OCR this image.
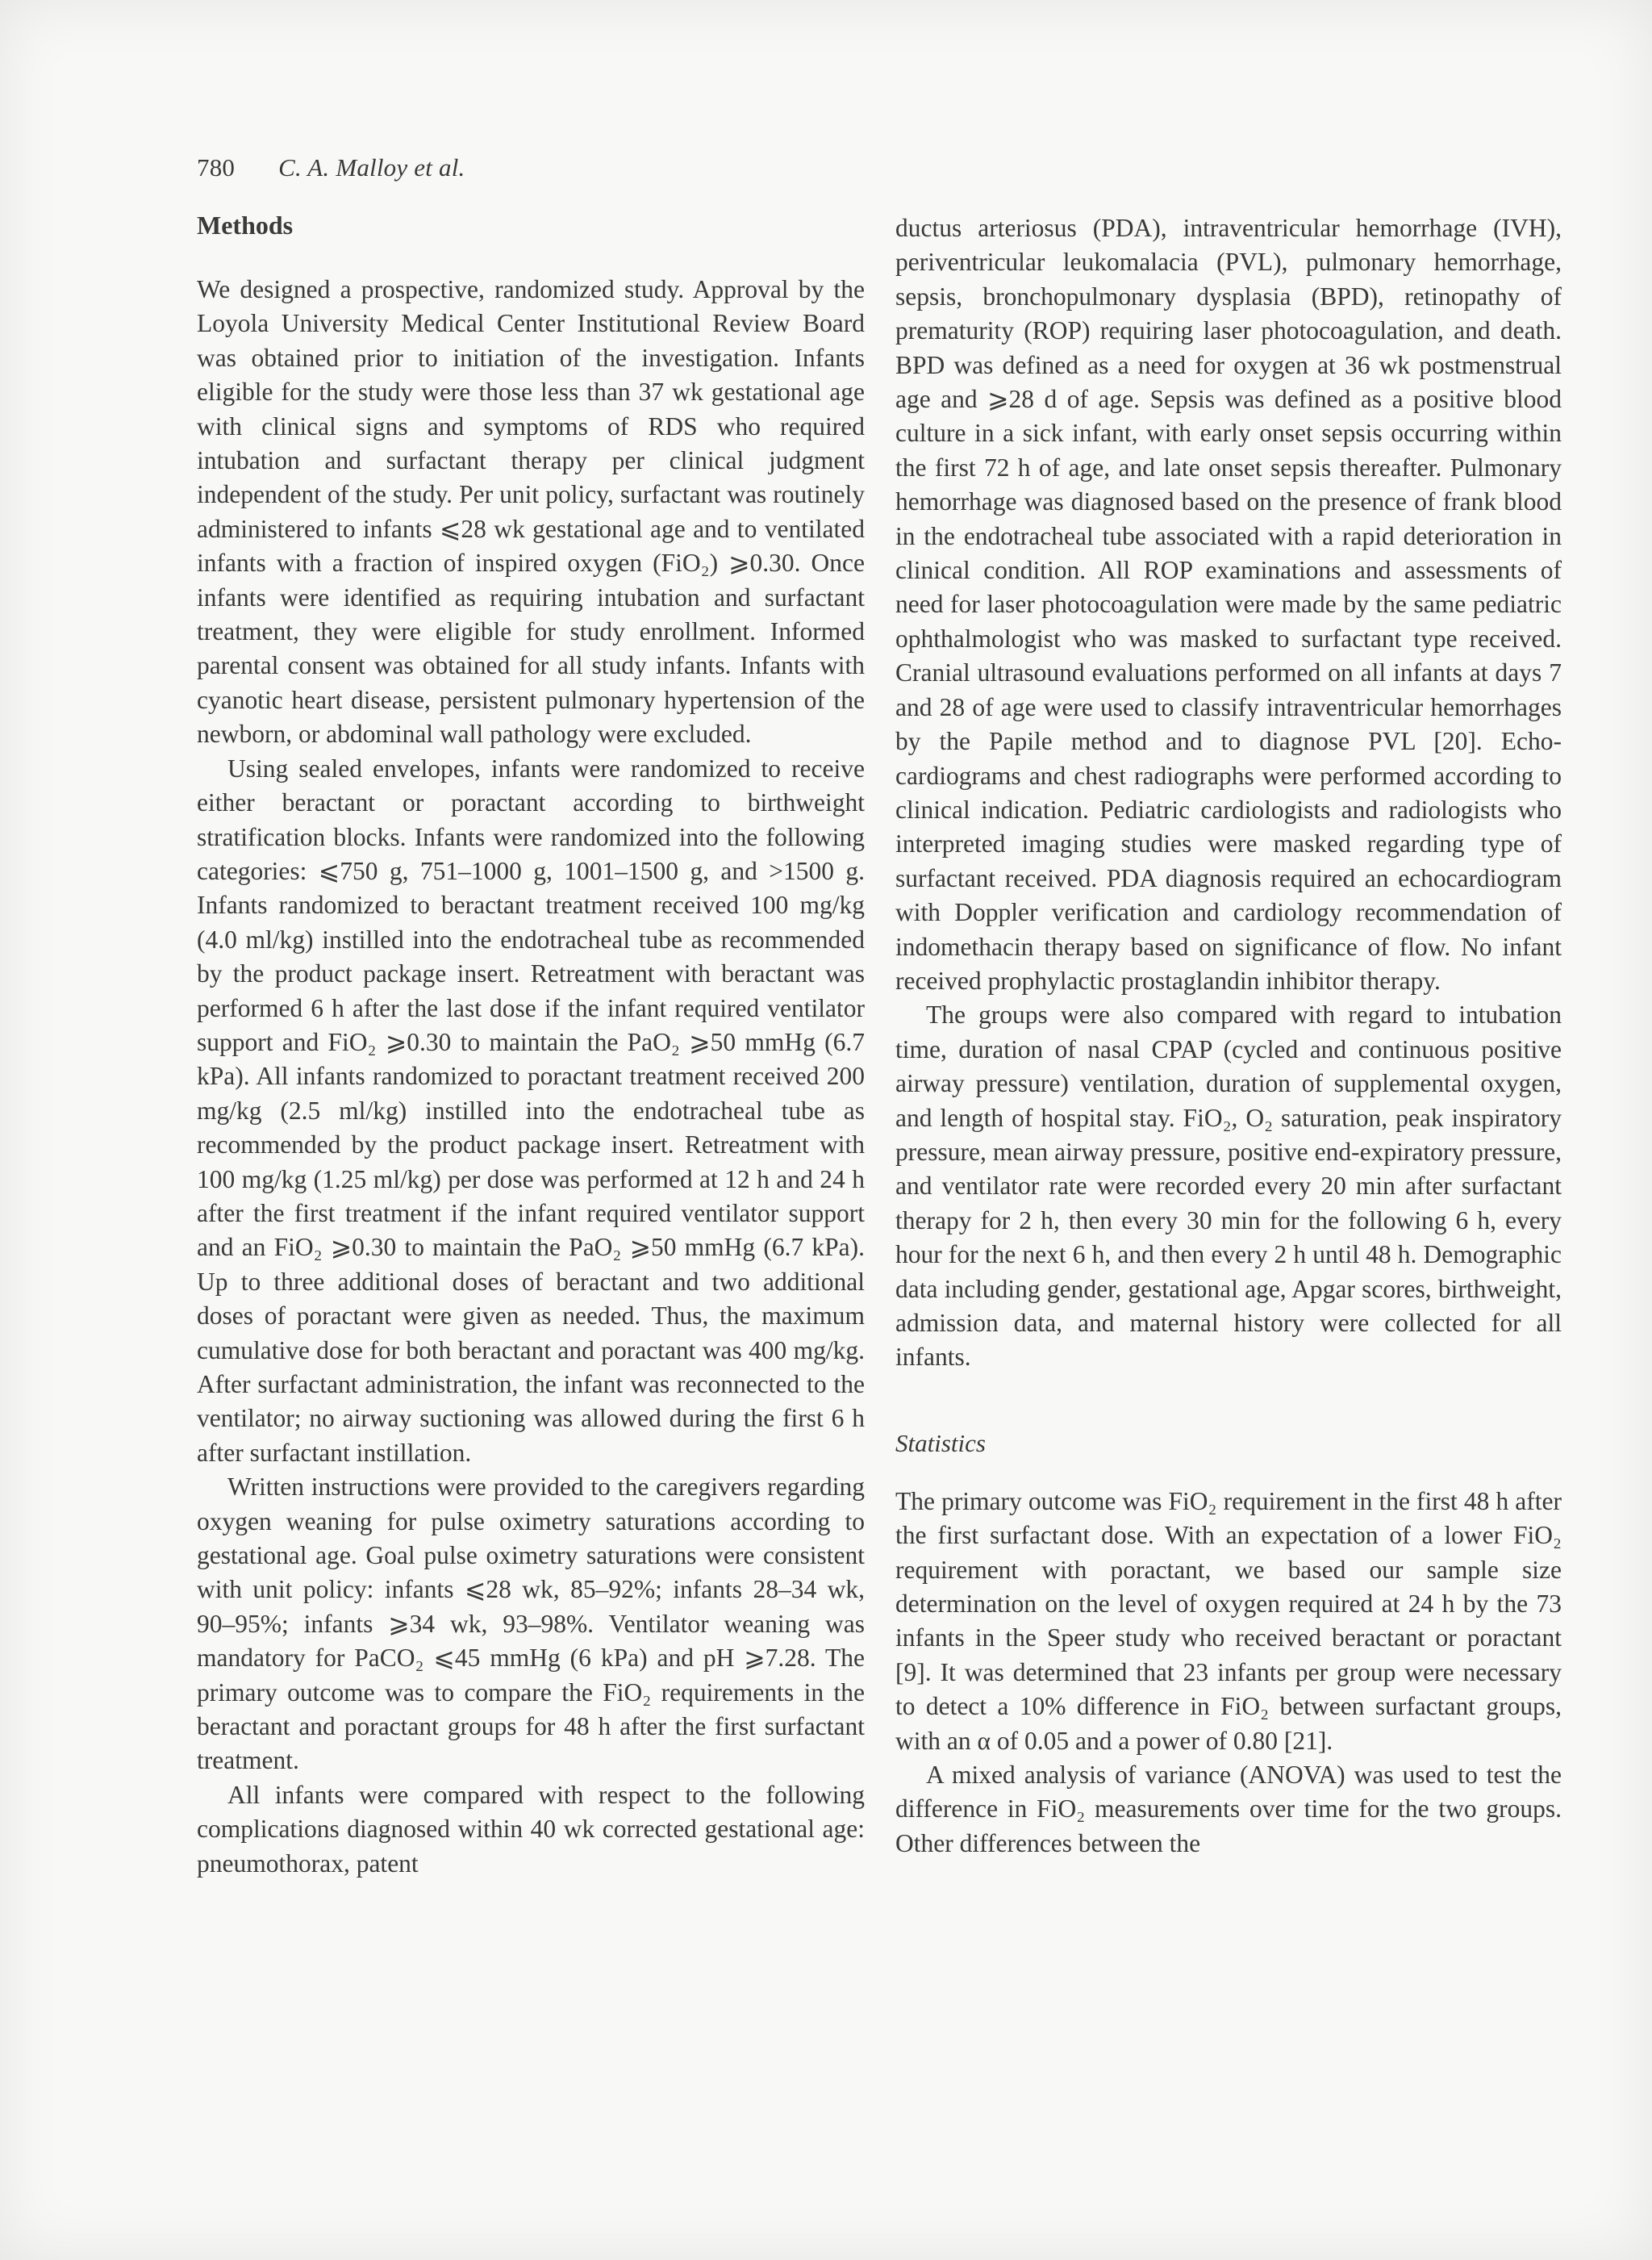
780 C. A. Malloy et al.
Methods

We designed a prospective, randomized study. Approval by the Loyola University Medical Center Institutional Review Board was obtained prior to initiation of the investigation. Infants eligible for the study were those less than 37 wk gestational age with clinical signs and symptoms of RDS who required intubation and surfactant therapy per clinical judgment independent of the study. Per unit policy, surfactant was routinely administered to infants ⩽28 wk gestational age and to ventilated infants with a fraction of inspired oxygen (FiO₂) ⩾0.30. Once infants were identified as requiring intubation and surfactant treatment, they were eligible for study enrollment. Informed parental consent was obtained for all study infants. Infants with cyanotic heart disease, persistent pulmonary hypertension of the newborn, or abdominal wall pathology were excluded.

Using sealed envelopes, infants were randomized to receive either beractant or poractant according to birthweight stratification blocks. Infants were randomized into the following categories: ⩽750 g, 751–1000 g, 1001–1500 g, and >1500 g. Infants randomized to beractant treatment received 100 mg/kg (4.0 ml/kg) instilled into the endotracheal tube as recommended by the product package insert. Retreatment with beractant was performed 6 h after the last dose if the infant required ventilator support and FiO₂ ⩾0.30 to maintain the PaO₂ ⩾50 mmHg (6.7 kPa). All infants randomized to poractant treatment received 200 mg/kg (2.5 ml/kg) instilled into the endotracheal tube as recommended by the product package insert. Retreatment with 100 mg/kg (1.25 ml/kg) per dose was performed at 12 h and 24 h after the first treatment if the infant required ventilator support and an FiO₂ ⩾0.30 to maintain the PaO₂ ⩾50 mmHg (6.7 kPa). Up to three additional doses of beractant and two additional doses of poractant were given as needed. Thus, the maximum cumulative dose for both beractant and poractant was 400 mg/kg. After surfactant administration, the infant was reconnected to the ventilator; no airway suctioning was allowed during the first 6 h after surfactant instillation.

Written instructions were provided to the caregivers regarding oxygen weaning for pulse oximetry saturations according to gestational age. Goal pulse oximetry saturations were consistent with unit policy: infants ⩽28 wk, 85–92%; infants 28–34 wk, 90–95%; infants ⩾34 wk, 93–98%. Ventilator weaning was mandatory for PaCO₂ ⩽45 mmHg (6 kPa) and pH ⩾7.28. The primary outcome was to compare the FiO₂ requirements in the beractant and poractant groups for 48 h after the first surfactant treatment.

All infants were compared with respect to the following complications diagnosed within 40 wk corrected gestational age: pneumothorax, patent

ductus arteriosus (PDA), intraventricular hemorrhage (IVH), periventricular leukomalacia (PVL), pulmonary hemorrhage, sepsis, bronchopulmonary dysplasia (BPD), retinopathy of prematurity (ROP) requiring laser photocoagulation, and death. BPD was defined as a need for oxygen at 36 wk postmenstrual age and ⩾28 d of age. Sepsis was defined as a positive blood culture in a sick infant, with early onset sepsis occurring within the first 72 h of age, and late onset sepsis thereafter. Pulmonary hemorrhage was diagnosed based on the presence of frank blood in the endotracheal tube associated with a rapid deterioration in clinical condition. All ROP examinations and assessments of need for laser photocoagulation were made by the same pediatric ophthalmologist who was masked to surfactant type received. Cranial ultrasound evaluations performed on all infants at days 7 and 28 of age were used to classify intraventricular hemorrhages by the Papile method and to diagnose PVL [20]. Echocardiograms and chest radiographs were performed according to clinical indication. Pediatric cardiologists and radiologists who interpreted imaging studies were masked regarding type of surfactant received. PDA diagnosis required an echocardiogram with Doppler verification and cardiology recommendation of indomethacin therapy based on significance of flow. No infant received prophylactic prostaglandin inhibitor therapy.

The groups were also compared with regard to intubation time, duration of nasal CPAP (cycled and continuous positive airway pressure) ventilation, duration of supplemental oxygen, and length of hospital stay. FiO₂, O₂ saturation, peak inspiratory pressure, mean airway pressure, positive end-expiratory pressure, and ventilator rate were recorded every 20 min after surfactant therapy for 2 h, then every 30 min for the following 6 h, every hour for the next 6 h, and then every 2 h until 48 h. Demographic data including gender, gestational age, Apgar scores, birthweight, admission data, and maternal history were collected for all infants.

Statistics

The primary outcome was FiO₂ requirement in the first 48 h after the first surfactant dose. With an expectation of a lower FiO₂ requirement with poractant, we based our sample size determination on the level of oxygen required at 24 h by the 73 infants in the Speer study who received beractant or poractant [9]. It was determined that 23 infants per group were necessary to detect a 10% difference in FiO₂ between surfactant groups, with an α of 0.05 and a power of 0.80 [21].

A mixed analysis of variance (ANOVA) was used to test the difference in FiO₂ measurements over time for the two groups. Other differences between the
